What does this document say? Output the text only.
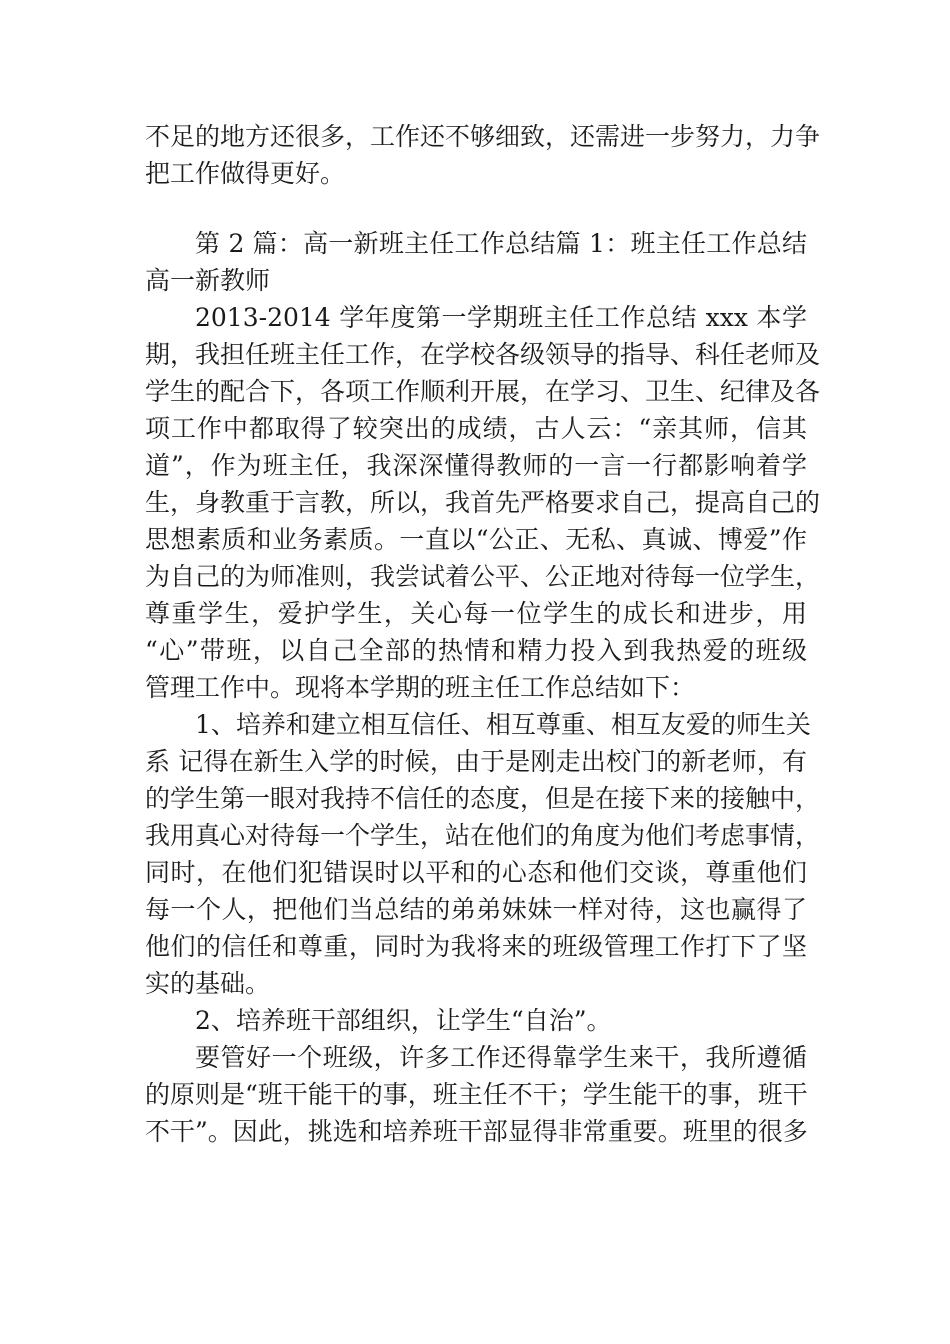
不足的地方还很多，工作还不够细致，还需进一步努力，力争
把工作做得更好。
第 2 篇：高一新班主任工作总结篇 1：班主任工作总结
高一新教师
2013-2014 学年度第一学期班主任工作总结 xxx 本学
期，我担任班主任工作，在学校各级领导的指导、科任老师及
学生的配合下，各项工作顺利开展，在学习、卫生、纪律及各
项工作中都取得了较突出的成绩，古人云：“亲其师，信其
道”，作为班主任，我深深懂得教师的一言一行都影响着学
生，身教重于言教，所以，我首先严格要求自己，提高自己的
思想素质和业务素质。一直以“公正、无私、真诚、博爱”作
为自己的为师准则，我尝试着公平、公正地对待每一位学生，
尊重学生，爱护学生，关心每一位学生的成长和进步，用
“心”带班，以自己全部的热情和精力投入到我热爱的班级
管理工作中。现将本学期的班主任工作总结如下：
1、培养和建立相互信任、相互尊重、相互友爱的师生关
系 记得在新生入学的时候，由于是刚走出校门的新老师，有
的学生第一眼对我持不信任的态度，但是在接下来的接触中，
我用真心对待每一个学生，站在他们的角度为他们考虑事情，
同时，在他们犯错误时以平和的心态和他们交谈，尊重他们
每一个人，把他们当总结的弟弟妹妹一样对待，这也赢得了
他们的信任和尊重，同时为我将来的班级管理工作打下了坚
实的基础。
2、培养班干部组织，让学生“自治”。
要管好一个班级，许多工作还得靠学生来干，我所遵循
的原则是“班干能干的事，班主任不干；学生能干的事，班干
不干”。因此，挑选和培养班干部显得非常重要。班里的很多
